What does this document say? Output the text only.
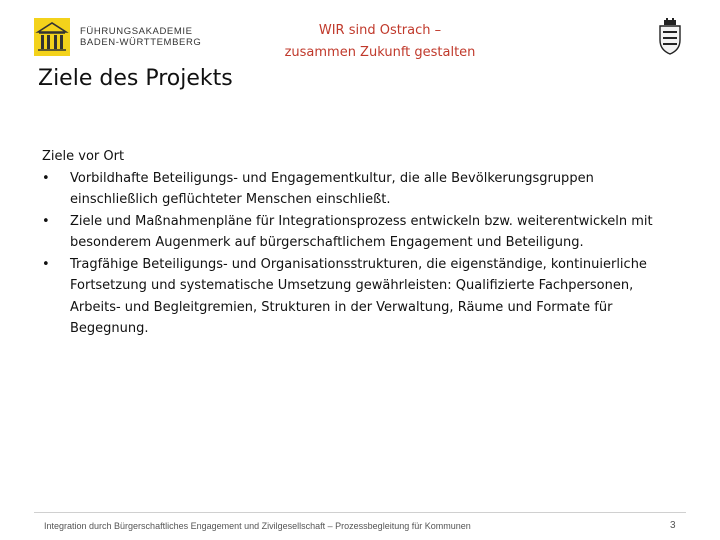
FÜHRUNGSAKADEMIE
BADEN-WÜRTTEMBERG
WIR sind Ostrach –
zusammen Zukunft gestalten
Ziele des Projekts

Ziele vor Ort

• Vorbildhafte Beteiligungs- und Engagementkultur, die alle Bevölkerungsgruppen einschließlich geflüchteter Menschen einschließt.
• Ziele und Maßnahmenpläne für Integrationsprozess entwickeln bzw. weiterentwickeln mit besonderem Augenmerk auf bürgerschaftlichem Engagement und Beteiligung.
• Tragfähige Beteiligungs- und Organisationsstrukturen, die eigenständige, kontinuierliche Fortsetzung und systematische Umsetzung gewährleisten: Qualifizierte Fachpersonen, Arbeits- und Begleitgremien, Strukturen in der Verwaltung, Räume und Formate für Begegnung.
Integration durch Bürgerschaftliches Engagement und Zivilgesellschaft – Prozessbegleitung für Kommunen	3
